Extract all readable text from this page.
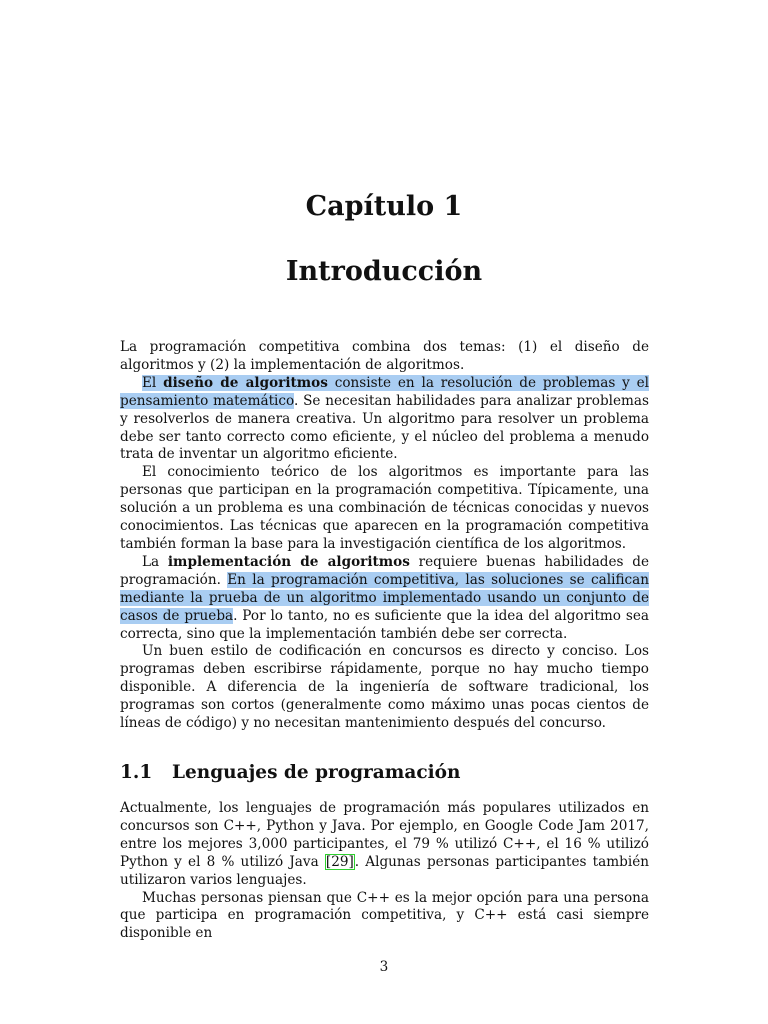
Capítulo 1
Introducción

La programación competitiva combina dos temas: (1) el diseño de algoritmos y (2) la implementación de algoritmos.

El diseño de algoritmos consiste en la resolución de problemas y el pensamiento matemático. Se necesitan habilidades para analizar problemas y resolverlos de manera creativa. Un algoritmo para resolver un problema debe ser tanto correcto como eficiente, y el núcleo del problema a menudo trata de inventar un algoritmo eficiente.

El conocimiento teórico de los algoritmos es importante para las personas que participan en la programación competitiva. Típicamente, una solución a un problema es una combinación de técnicas conocidas y nuevos conocimientos. Las técnicas que aparecen en la programación competitiva también forman la base para la investigación científica de los algoritmos.

La implementación de algoritmos requiere buenas habilidades de programación. En la programación competitiva, las soluciones se califican mediante la prueba de un algoritmo implementado usando un conjunto de casos de prueba. Por lo tanto, no es suficiente que la idea del algoritmo sea correcta, sino que la implementación también debe ser correcta.

Un buen estilo de codificación en concursos es directo y conciso. Los programas deben escribirse rápidamente, porque no hay mucho tiempo disponible. A diferencia de la ingeniería de software tradicional, los programas son cortos (generalmente como máximo unas pocas cientos de líneas de código) y no necesitan mantenimiento después del concurso.

1.1 Lenguajes de programación

Actualmente, los lenguajes de programación más populares utilizados en concursos son C++, Python y Java. Por ejemplo, en Google Code Jam 2017, entre los mejores 3,000 participantes, el 79 % utilizó C++, el 16 % utilizó Python y el 8 % utilizó Java [29]. Algunas personas participantes también utilizaron varios lenguajes.

Muchas personas piensan que C++ es la mejor opción para una persona que participa en programación competitiva, y C++ está casi siempre disponible en

3
